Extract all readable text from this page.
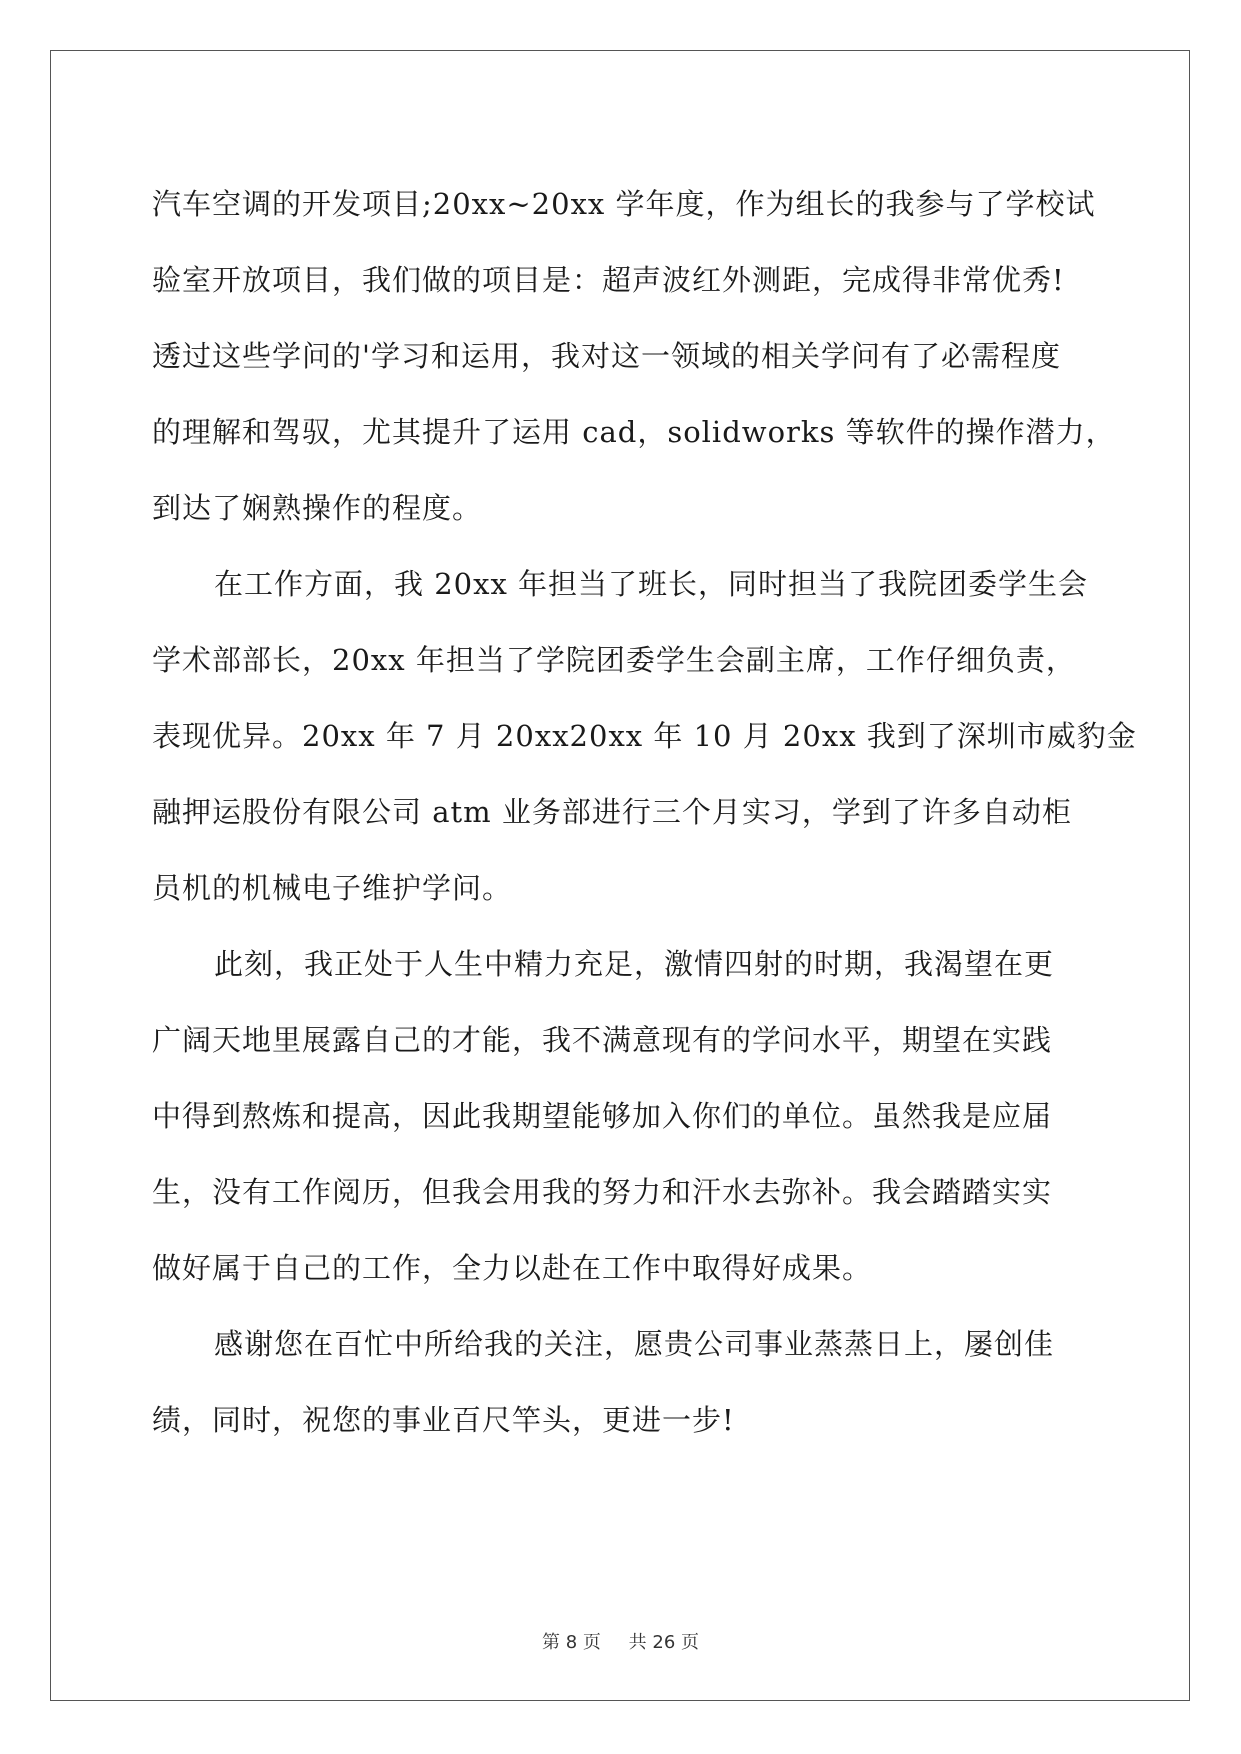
汽车空调的开发项目;20xx~20xx 学年度，作为组长的我参与了学校试
验室开放项目，我们做的项目是：超声波红外测距，完成得非常优秀!
透过这些学问的'学习和运用，我对这一领域的相关学问有了必需程度
的理解和驾驭，尤其提升了运用 cad，solidworks 等软件的操作潜力，
到达了娴熟操作的程度。

在工作方面，我 20xx 年担当了班长，同时担当了我院团委学生会
学术部部长，20xx 年担当了学院团委学生会副主席，工作仔细负责，
表现优异。20xx 年 7 月 20xx20xx 年 10 月 20xx 我到了深圳市威豹金
融押运股份有限公司 atm 业务部进行三个月实习，学到了许多自动柜
员机的机械电子维护学问。

此刻，我正处于人生中精力充足，激情四射的时期，我渴望在更
广阔天地里展露自己的才能，我不满意现有的学问水平，期望在实践
中得到熬炼和提高，因此我期望能够加入你们的单位。虽然我是应届
生，没有工作阅历，但我会用我的努力和汗水去弥补。我会踏踏实实
做好属于自己的工作，全力以赴在工作中取得好成果。

感谢您在百忙中所给我的关注，愿贵公司事业蒸蒸日上，屡创佳
绩，同时，祝您的事业百尺竿头，更进一步!

第 8 页 共 26 页
